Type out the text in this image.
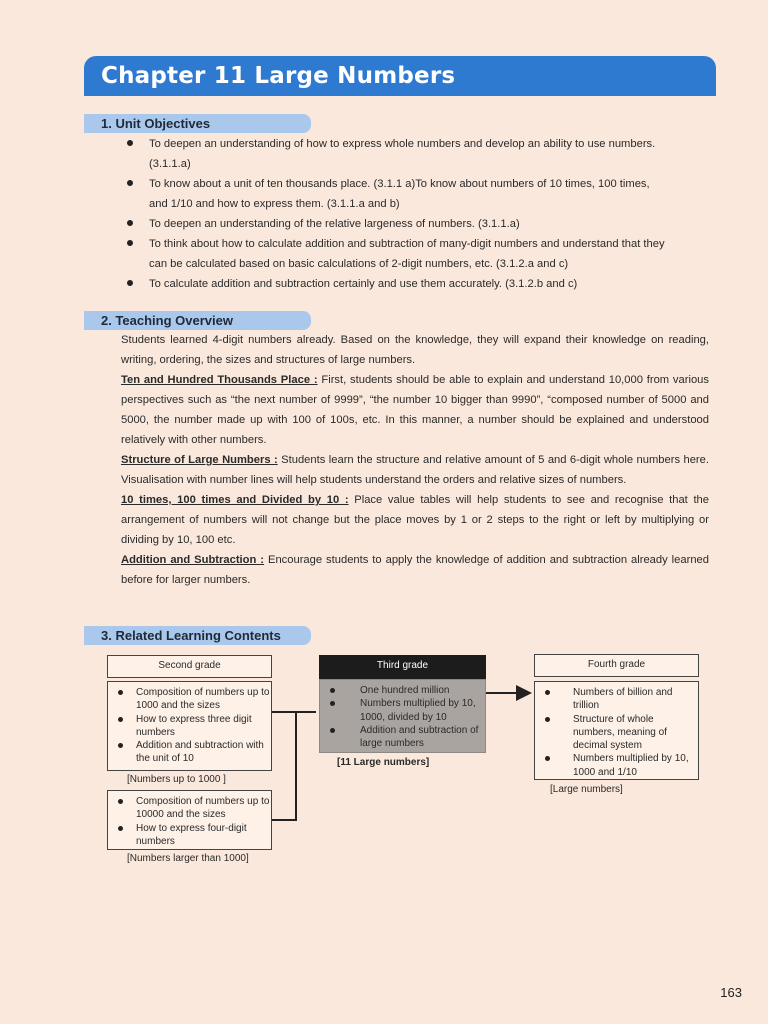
Chapter 11 Large Numbers
1. Unit Objectives
To deepen an understanding of how to express whole numbers and develop an ability to use numbers.
(3.1.1.a)
To know about a unit of ten thousands place. (3.1.1 a)To know about numbers of 10 times, 100 times,
and 1/10 and how to express them. (3.1.1.a and b)
To deepen an understanding of the relative largeness of numbers. (3.1.1.a)
To think about how to calculate addition and subtraction of many-digit numbers and understand that they
can be calculated based on basic calculations of 2-digit numbers, etc. (3.1.2.a and c)
To calculate addition and subtraction certainly and use them accurately. (3.1.2.b and c)
2. Teaching Overview

Students learned 4-digit numbers already. Based on the knowledge, they will expand their knowledge on reading, writing, ordering, the sizes and structures of large numbers.

Ten and Hundred Thousands Place : First, students should be able to explain and understand 10,000 from various perspectives such as “the next number of 9999”, “the number 10 bigger than 9990”, “composed number of 5000 and 5000, the number made up with 100 of 100s, etc. In this manner, a number should be explained and understood relatively with other numbers.

Structure of Large Numbers : Students learn the structure and relative amount of 5 and 6-digit whole numbers here. Visualisation with number lines will help students understand the orders and relative sizes of numbers.

10 times, 100 times and Divided by 10 : Place value tables will help students to see and recognise that the arrangement of numbers will not change but the place moves by 1 or 2 steps to the right or left by multiplying or dividing by 10, 100 etc.

Addition and Subtraction : Encourage students to apply the knowledge of addition and subtraction already learned before for larger numbers.

3. Related Learning Contents
Second grade
Composition of numbers up to 1000 and the sizes
How to express three digit numbers
Addition and subtraction with the unit of 10
[Numbers up to 1000 ]
Composition of numbers up to 10000 and the sizes
How to express four-digit numbers
[Numbers larger than 1000]
Third grade
One hundred million
Numbers multiplied by 10, 1000, divided by 10
Addition and subtraction of large numbers
[11 Large numbers]
Fourth grade
Numbers of billion and trillion
Structure of whole numbers, meaning of decimal system
Numbers multiplied by 10, 1000 and 1/10
[Large numbers]
163
